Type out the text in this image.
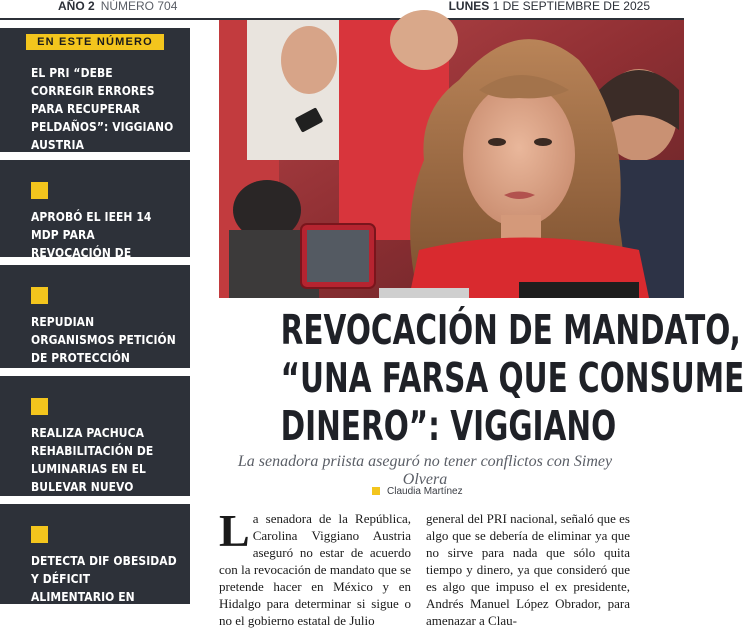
AÑO 2 NÚMERO 704	LUNES 1 DE SEPTIEMBRE DE 2025
EN ESTE NÚMERO
EL PRI “DEBE CORREGIR ERRORES PARA RECUPERAR PELDAÑOS”: VIGGIANO AUSTRIA
APROBÓ EL IEEH 14 MDP PARA REVOCACIÓN DE
REPUDIAN ORGANISMOS PETICIÓN DE PROTECCIÓN
REALIZA PACHUCA REHABILITACIÓN DE LUMINARIAS EN EL BULEVAR NUEVO
DETECTA DIF OBESIDAD Y DÉFICIT ALIMENTARIO EN INFANTES
REVOCACIÓN DE MANDATO,
“UNA FARSA QUE CONSUME
DINERO”: VIGGIANO
La senadora priista aseguró no tener conflictos con Simey Olvera
Claudia Martínez
La senadora de la República, Carolina Viggiano Austria aseguró no estar de acuerdo con la revocación de mandato que se pretende hacer en México y en Hidalgo para determinar si sigue o no el gobierno estatal de Julio
general del PRI nacional, señaló que es algo que se debería de eliminar ya que no sirve para nada que sólo quita tiempo y dinero, ya que consideró que es algo que impuso el ex presidente, Andrés Manuel López Obrador, para amenazar a Clau-
